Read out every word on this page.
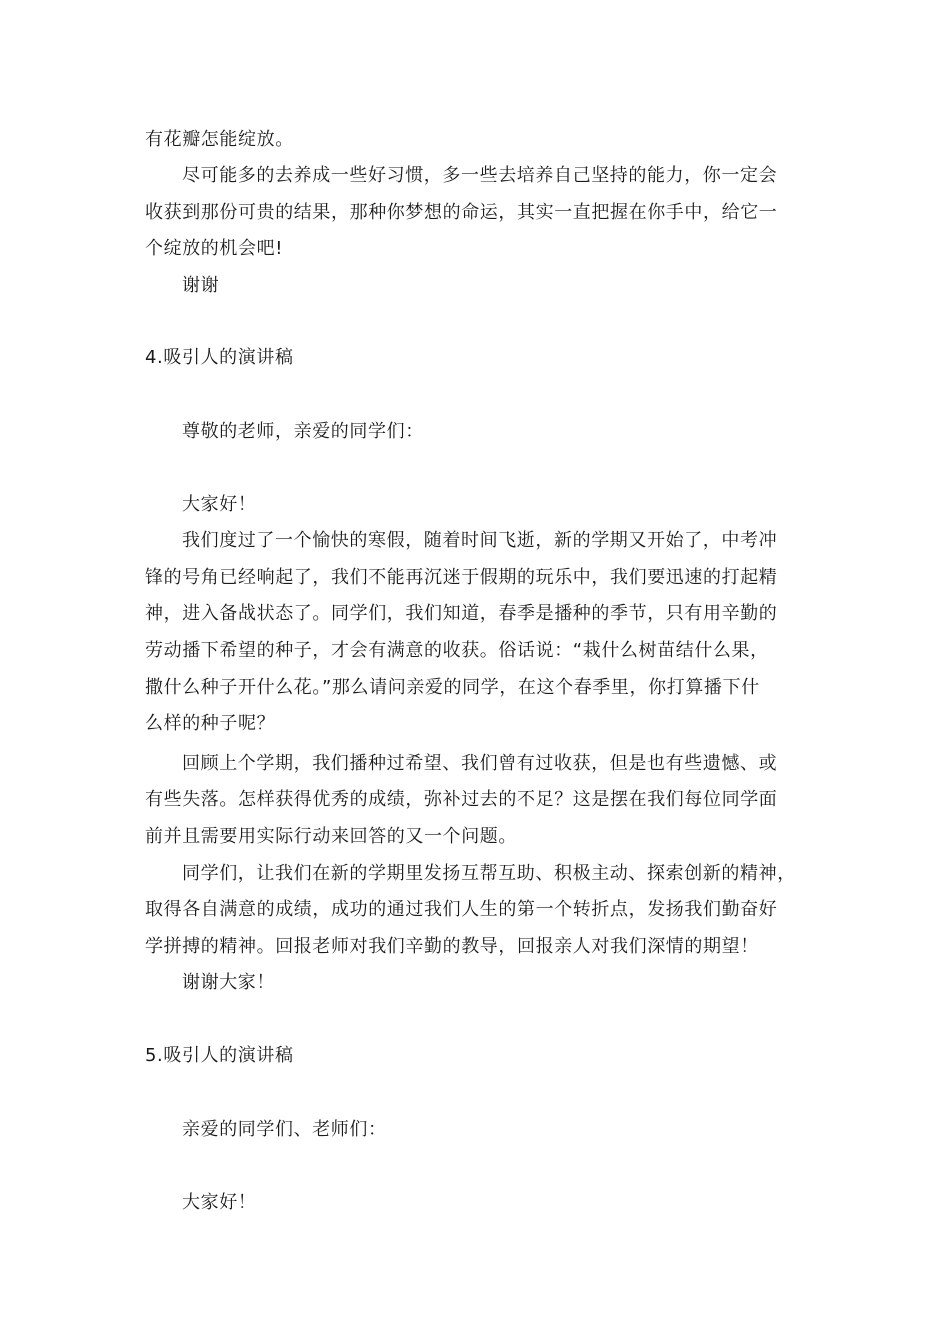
有花瓣怎能绽放。
尽可能多的去养成一些好习惯，多一些去培养自己坚持的能力，你一定会
收获到那份可贵的结果，那种你梦想的命运，其实一直把握在你手中，给它一
个绽放的机会吧!
谢谢
4.吸引人的演讲稿
尊敬的老师，亲爱的同学们：
大家好！
我们度过了一个愉快的寒假，随着时间飞逝，新的学期又开始了，中考冲
锋的号角已经响起了，我们不能再沉迷于假期的玩乐中，我们要迅速的打起精
神，进入备战状态了。同学们，我们知道，春季是播种的季节，只有用辛勤的
劳动播下希望的种子，才会有满意的收获。俗话说：“栽什么树苗结什么果，
撒什么种子开什么花。”那么请问亲爱的同学，在这个春季里，你打算播下什
么样的种子呢？
回顾上个学期，我们播种过希望、我们曾有过收获，但是也有些遗憾、或
有些失落。怎样获得优秀的成绩，弥补过去的不足？这是摆在我们每位同学面
前并且需要用实际行动来回答的又一个问题。
同学们，让我们在新的学期里发扬互帮互助、积极主动、探索创新的精神，
取得各自满意的成绩，成功的通过我们人生的第一个转折点，发扬我们勤奋好
学拼搏的精神。回报老师对我们辛勤的教导，回报亲人对我们深情的期望！
谢谢大家！
5.吸引人的演讲稿
亲爱的同学们、老师们：
大家好！
